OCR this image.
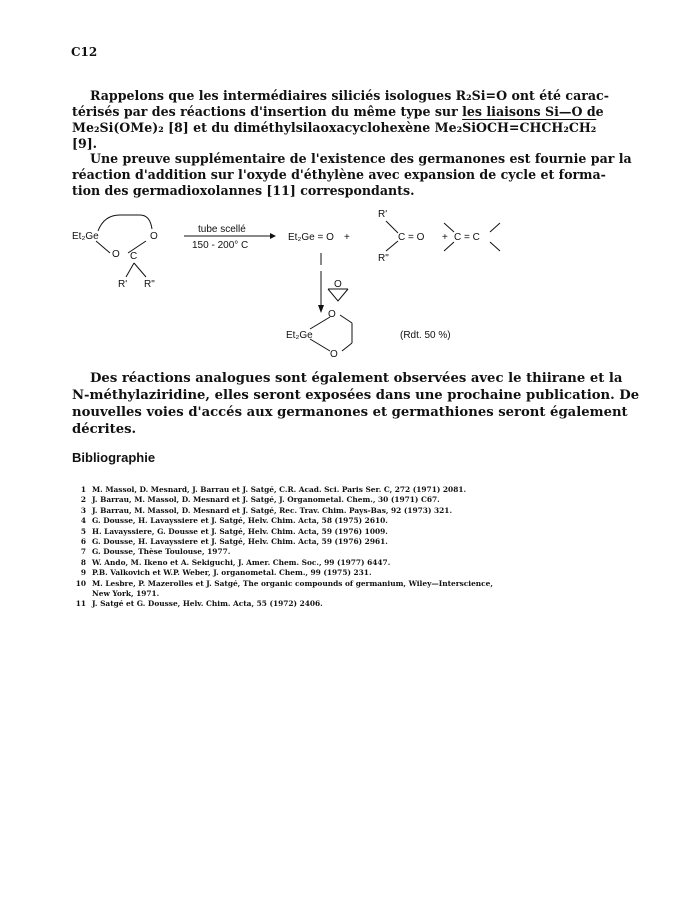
C12
Rappelons que les intermédiaires siliciés isologues R₂Si=O ont été carac-
térisés par des réactions d'insertion du même type sur les liaisons Si—O de
Me₂Si(OMe)₂ [8] et du diméthylsilaoxacyclohexène Me₂SiOCH=CHCH₂CH₂
[9].
Une preuve supplémentaire de l'existence des germanones est fournie par la
réaction d'addition sur l'oxyde d'éthylène avec expansion de cycle et forma-
tion des germadioxolannes [11] correspondants.
Et₂Ge	O
O C
R' R"
tube scellé
150 - 200° C
Et₂Ge = O +
R'
R"
C = O + C = C
O
O
Et₂Ge
O
(Rdt. 50 %)
Des réactions analogues sont également observées avec le thiirane et la
N-méthylaziridine, elles seront exposées dans une prochaine publication. De
nouvelles voies d'accés aux germanones et germathiones seront également
décrites.
Bibliographie
1 M. Massol, D. Mesnard, J. Barrau et J. Satgé, C.R. Acad. Sci. Paris Ser. C, 272 (1971) 2081.
2 J. Barrau, M. Massol, D. Mesnard et J. Satgé, J. Organometal. Chem., 30 (1971) C67.
3 J. Barrau, M. Massol, D. Mesnard et J. Satgé, Rec. Trav. Chim. Pays-Bas, 92 (1973) 321.
4 G. Dousse, H. Lavayssiere et J. Satgé, Helv. Chim. Acta, 58 (1975) 2610.
5 H. Lavayssiere, G. Dousse et J. Satgé, Helv. Chim. Acta, 59 (1976) 1009.
6 G. Dousse, H. Lavayssiere et J. Satgé, Helv. Chim. Acta, 59 (1976) 2961.
7 G. Dousse, Thèse Toulouse, 1977.
8 W. Ando, M. Ikeno et A. Sekiguchi, J. Amer. Chem. Soc., 99 (1977) 6447.
9 P.B. Valkovich et W.P. Weber, J. organometal. Chem., 99 (1975) 231.
10 M. Lesbre, P. Mazerolles et J. Satgé, The organic compounds of germanium, Wiley—Interscience,
New York, 1971.
11 J. Satgé et G. Dousse, Helv. Chim. Acta, 55 (1972) 2406.
